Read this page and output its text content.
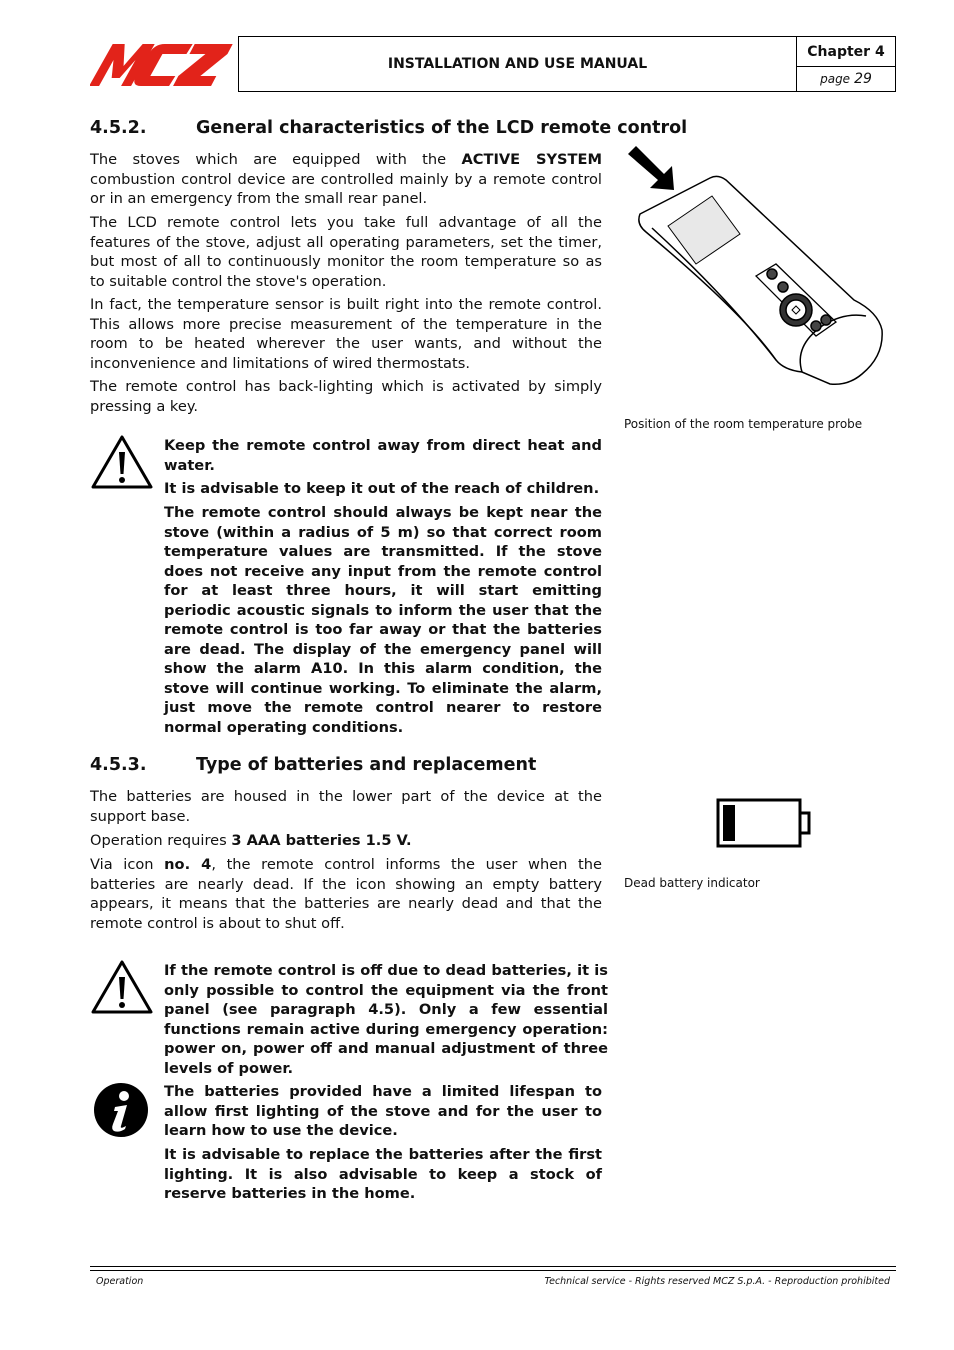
INSTALLATION AND USE MANUAL
Chapter 4
page 29
4.5.2.	General characteristics of the LCD remote control

The stoves which are equipped with the ACTIVE SYSTEM combustion control device are controlled mainly by a remote control or in an emergency from the small rear panel.

The LCD remote control lets you take full advantage of all the features of the stove, adjust all operating parameters, set the timer, but most of all to continuously monitor the room temperature so as to suitable control the stove's operation.

In fact, the temperature sensor is built right into the remote control. This allows more precise measurement of the temperature in the room to be heated wherever the user wants, and without the inconvenience and limitations of wired thermostats.

The remote control has back-lighting which is activated by simply pressing a key.

Position of the room temperature probe

Keep the remote control away from direct heat and water.

It is advisable to keep it out of the reach of children.

The remote control should always be kept near the stove (within a radius of 5 m) so that correct room temperature values are transmitted. If the stove does not receive any input from the remote control for at least three hours, it will start emitting periodic acoustic signals to inform the user that the remote control is too far away or that the batteries are dead. The display of the emergency panel will show the alarm A10. In this alarm condition, the stove will continue working. To eliminate the alarm, just move the remote control nearer to restore normal operating conditions.

4.5.3.	Type of batteries and replacement

The batteries are housed in the lower part of the device at the support base.

Operation requires 3 AAA batteries 1.5 V.

Via icon no. 4, the remote control informs the user when the batteries are nearly dead. If the icon showing an empty battery appears, it means that the batteries are nearly dead and that the remote control is about to shut off.

Dead battery indicator

If the remote control is off due to dead batteries, it is only possible to control the equipment via the front panel (see paragraph 4.5). Only a few essential functions remain active during emergency operation: power on, power off and manual adjustment of three levels of power.

The batteries provided have a limited lifespan to allow first lighting of the stove and for the user to learn how to use the device.

It is advisable to replace the batteries after the first lighting. It is also advisable to keep a stock of reserve batteries in the home.

Operation	Technical service - Rights reserved MCZ S.p.A. - Reproduction prohibited
